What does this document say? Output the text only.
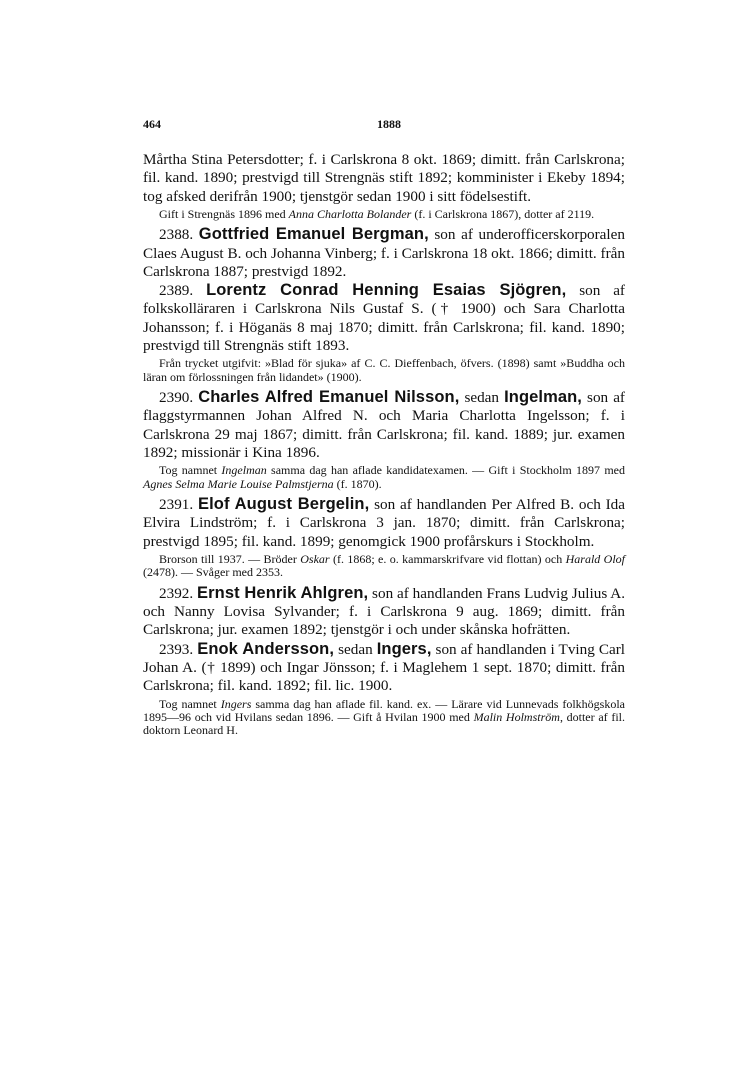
464	1888

Mårtha Stina Petersdotter; f. i Carlskrona 8 okt. 1869; dimitt. från Carlskrona; fil. kand. 1890; prestvigd till Strengnäs stift 1892; komminister i Ekeby 1894; tog afsked derifrån 1900; tjenstgör sedan 1900 i sitt födelsestift.

Gift i Strengnäs 1896 med Anna Charlotta Bolander (f. i Carlskrona 1867), dotter af 2119.

2388. Gottfried Emanuel Bergman, son af underofficerskorporalen Claes August B. och Johanna Vinberg; f. i Carlskrona 18 okt. 1866; dimitt. från Carlskrona 1887; prestvigd 1892.

2389. Lorentz Conrad Henning Esaias Sjögren, son af folkskolläraren i Carlskrona Nils Gustaf S. († 1900) och Sara Charlotta Johansson; f. i Höganäs 8 maj 1870; dimitt. från Carlskrona; fil. kand. 1890; prestvigd till Strengnäs stift 1893.

Från trycket utgifvit: »Blad för sjuka» af C. C. Dieffenbach, öfvers. (1898) samt »Buddha och läran om förlossningen från lidandet» (1900).

2390. Charles Alfred Emanuel Nilsson, sedan Ingelman, son af flaggstyrmannen Johan Alfred N. och Maria Charlotta Ingelsson; f. i Carlskrona 29 maj 1867; dimitt. från Carlskrona; fil. kand. 1889; jur. examen 1892; missionär i Kina 1896.

Tog namnet Ingelman samma dag han aflade kandidatexamen. — Gift i Stockholm 1897 med Agnes Selma Marie Louise Palmstjerna (f. 1870).

2391. Elof August Bergelin, son af handlanden Per Alfred B. och Ida Elvira Lindström; f. i Carlskrona 3 jan. 1870; dimitt. från Carlskrona; prestvigd 1895; fil. kand. 1899; genomgick 1900 profårskurs i Stockholm.

Brorson till 1937. — Bröder Oskar (f. 1868; e. o. kammarskrifvare vid flottan) och Harald Olof (2478). — Svåger med 2353.

2392. Ernst Henrik Ahlgren, son af handlanden Frans Ludvig Julius A. och Nanny Lovisa Sylvander; f. i Carlskrona 9 aug. 1869; dimitt. från Carlskrona; jur. examen 1892; tjenstgör i och under skånska hofrätten.

2393. Enok Andersson, sedan Ingers, son af handlanden i Tving Carl Johan A. († 1899) och Ingar Jönsson; f. i Maglehem 1 sept. 1870; dimitt. från Carlskrona; fil. kand. 1892; fil. lic. 1900.

Tog namnet Ingers samma dag han aflade fil. kand. ex. — Lärare vid Lunnevads folkhögskola 1895—96 och vid Hvilans sedan 1896. — Gift å Hvilan 1900 med Malin Holmström, dotter af fil. doktorn Leonard H.
